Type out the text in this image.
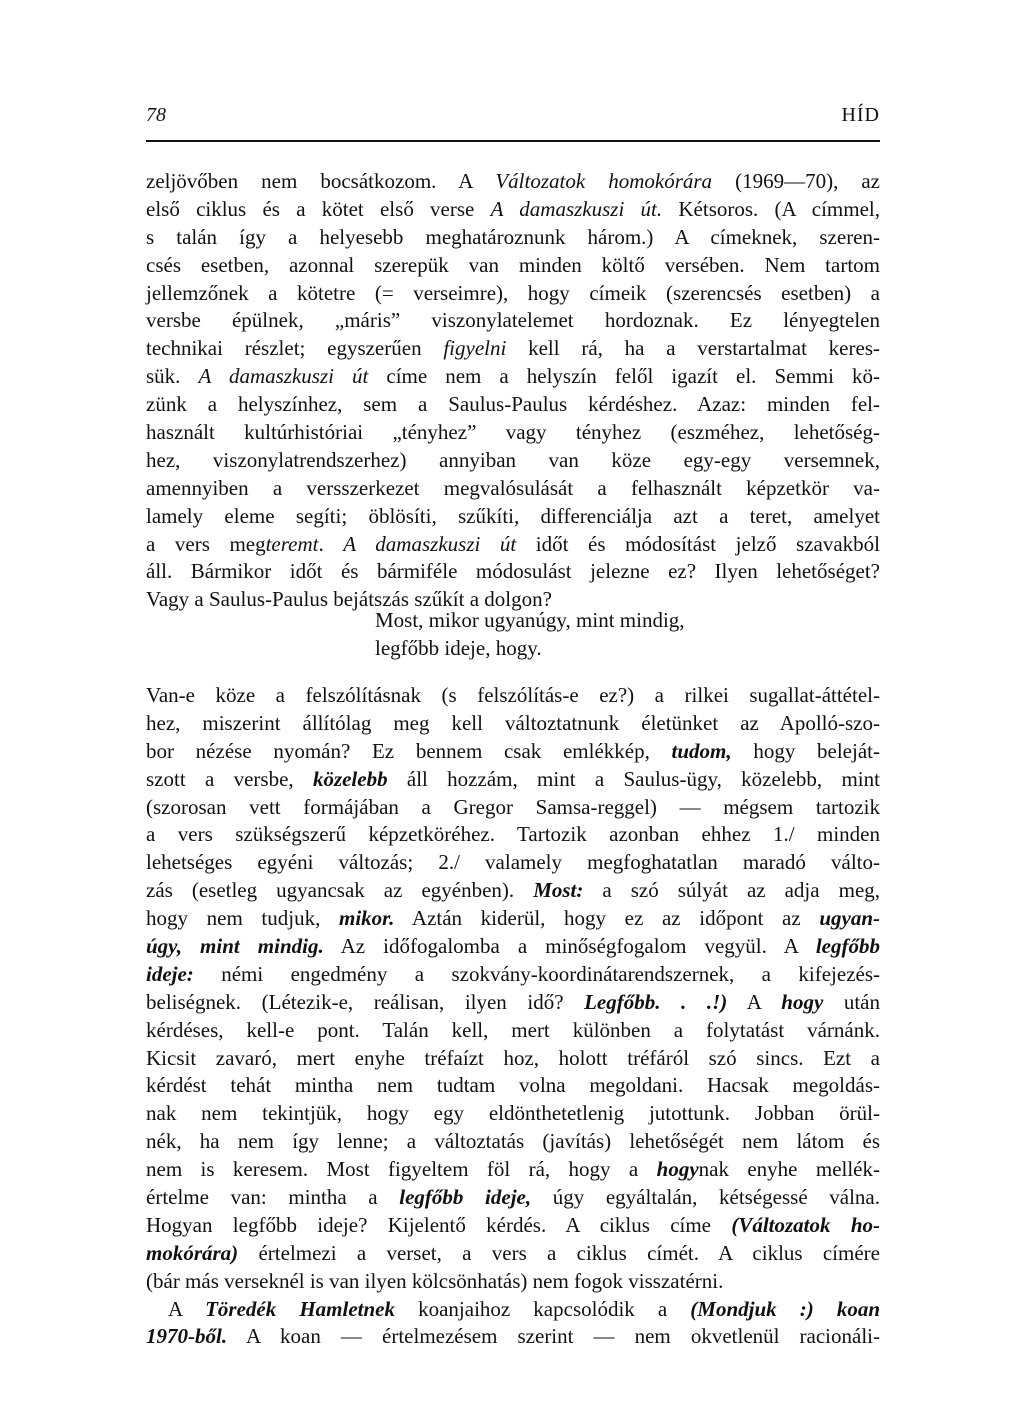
78	HÍD
zeljövőben nem bocsátkozom. A Változatok homokórára (1969—70), az
első ciklus és a kötet első verse A damaszkuszi út. Kétsoros. (A címmel,
s talán így a helyesebb meghatároznunk három.) A címeknek, szeren-
csés esetben, azonnal szerepük van minden költő versében. Nem tartom
jellemzőnek a kötetre (= verseimre), hogy címeik (szerencsés esetben) a
versbe épülnek, „máris” viszonylatelemet hordoznak. Ez lényegtelen
technikai részlet; egyszerűen figyelni kell rá, ha a verstartalmat keres-
sük. A damaszkuszi út címe nem a helyszín felől igazít el. Semmi kö-
zünk a helyszínhez, sem a Saulus-Paulus kérdéshez. Azaz: minden fel-
használt kultúrhistóriai „tényhez” vagy tényhez (eszméhez, lehetőség-
hez, viszonylatrendszerhez) annyiban van köze egy-egy versemnek,
amennyiben a versszerkezet megvalósulását a felhasznált képzetkör va-
lamely eleme segíti; öblösíti, szűkíti, differenciálja azt a teret, amelyet
a vers megteremt. A damaszkuszi út időt és módosítást jelző szavakból
áll. Bármikor időt és bármiféle módosulást jelezne ez? Ilyen lehetőséget?
Vagy a Saulus-Paulus bejátszás szűkít a dolgon?
Most, mikor ugyanúgy, mint mindig,
legfőbb ideje, hogy.
Van-e köze a felszólításnak (s felszólítás-e ez?) a rilkei sugallat-áttétel-
hez, miszerint állítólag meg kell változtatnunk életünket az Apolló-szo-
bor nézése nyomán? Ez bennem csak emlékkép, tudom, hogy beleját-
szott a versbe, közelebb áll hozzám, mint a Saulus-ügy, közelebb, mint
(szorosan vett formájában a Gregor Samsa-reggel) — mégsem tartozik
a vers szükségszerű képzetköréhez. Tartozik azonban ehhez 1./ minden
lehetséges egyéni változás; 2./ valamely megfoghatatlan maradó válto-
zás (esetleg ugyancsak az egyénben). Most: a szó súlyát az adja meg,
hogy nem tudjuk, mikor. Aztán kiderül, hogy ez az időpont az ugyan-
úgy, mint mindig. Az időfogalomba a minőségfogalom vegyül. A legfőbb
ideje: némi engedmény a szokvány-koordinátarendszernek, a kifejezés-
beliségnek. (Létezik-e, reálisan, ilyen idő? Legfőbb. . .!) A hogy után
kérdéses, kell-e pont. Talán kell, mert különben a folytatást várnánk.
Kicsit zavaró, mert enyhe tréfaízt hoz, holott tréfáról szó sincs. Ezt a
kérdést tehát mintha nem tudtam volna megoldani. Hacsak megoldás-
nak nem tekintjük, hogy egy eldönthetetlenig jutottunk. Jobban örül-
nék, ha nem így lenne; a változtatás (javítás) lehetőségét nem látom és
nem is keresem. Most figyeltem föl rá, hogy a hogynak enyhe mellék-
értelme van: mintha a legfőbb ideje, úgy egyáltalán, kétségessé válna.
Hogyan legfőbb ideje? Kijelentő kérdés. A ciklus címe (Változatok ho-
mokórára) értelmezi a verset, a vers a ciklus címét. A ciklus címére
(bár más verseknél is van ilyen kölcsönhatás) nem fogok visszatérni.
A Töredék Hamletnek koanjaihoz kapcsolódik a (Mondjuk :) koan
1970-ből. A koan — értelmezésem szerint — nem okvetlenül racionáli-
